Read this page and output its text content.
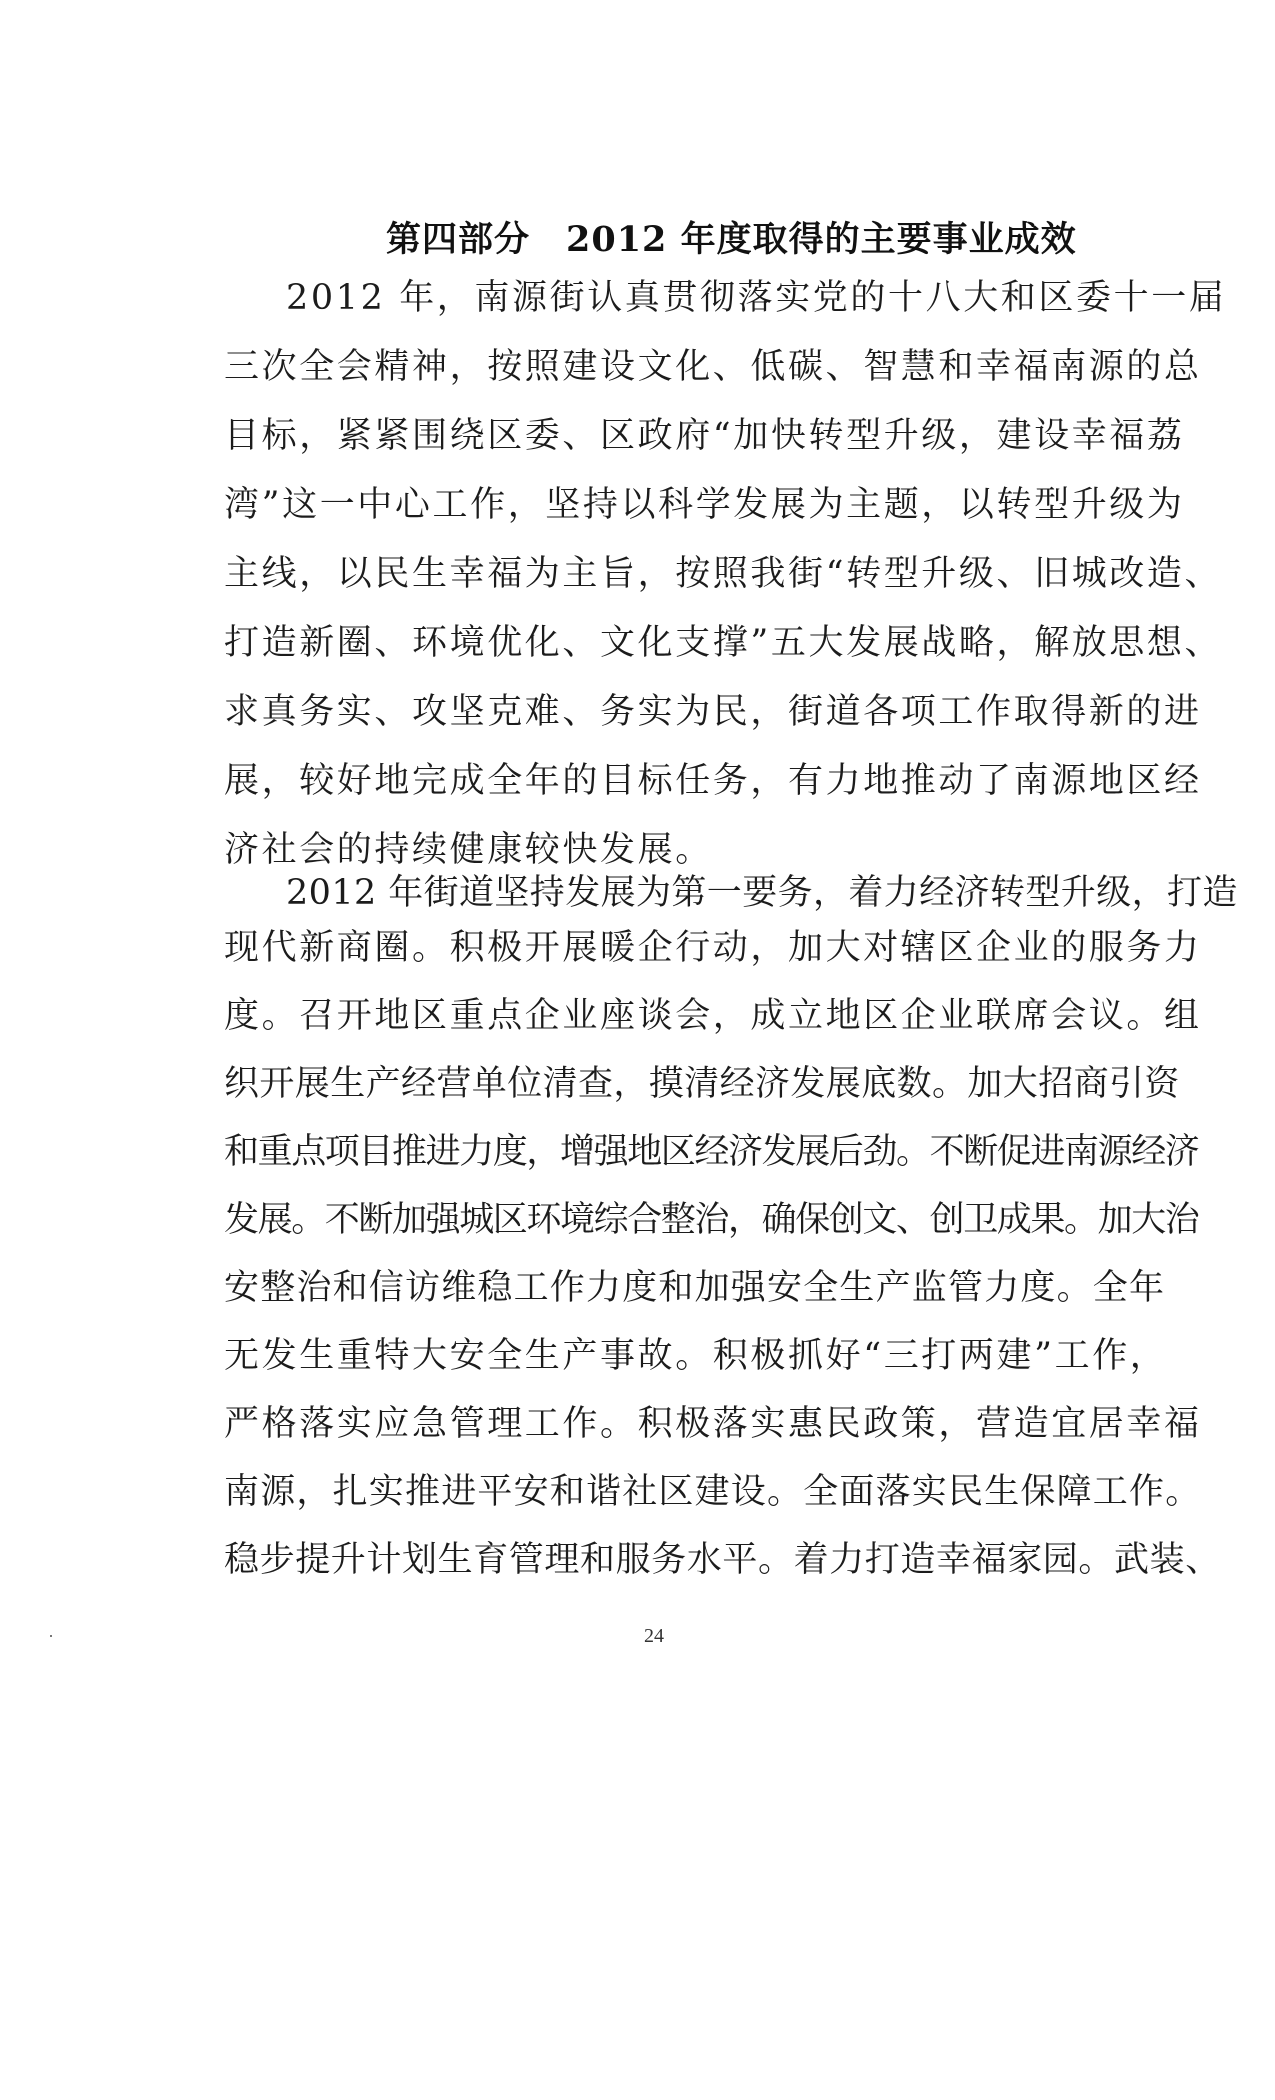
第四部分　2012 年度取得的主要事业成效
2012 年，南源街认真贯彻落实党的十八大和区委十一届
三次全会精神，按照建设文化、低碳、智慧和幸福南源的总
目标，紧紧围绕区委、区政府“加快转型升级，建设幸福荔
湾”这一中心工作，坚持以科学发展为主题，以转型升级为
主线，以民生幸福为主旨，按照我街“转型升级、旧城改造、
打造新圈、环境优化、文化支撑”五大发展战略，解放思想、
求真务实、攻坚克难、务实为民，街道各项工作取得新的进
展，较好地完成全年的目标任务，有力地推动了南源地区经
济社会的持续健康较快发展。
2012 年街道坚持发展为第一要务，着力经济转型升级，打造
现代新商圈。积极开展暖企行动，加大对辖区企业的服务力
度。召开地区重点企业座谈会，成立地区企业联席会议。组
织开展生产经营单位清查，摸清经济发展底数。加大招商引资
和重点项目推进力度，增强地区经济发展后劲。不断促进南源经济
发展。不断加强城区环境综合整治，确保创文、创卫成果。加大治
安整治和信访维稳工作力度和加强安全生产监管力度。全年
无发生重特大安全生产事故。积极抓好“三打两建”工作，
严格落实应急管理工作。积极落实惠民政策，营造宜居幸福
南源，扎实推进平安和谐社区建设。全面落实民生保障工作。
稳步提升计划生育管理和服务水平。着力打造幸福家园。武装、
24
